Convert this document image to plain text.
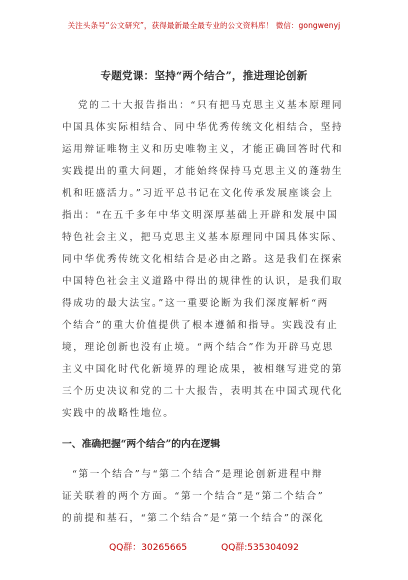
关注头条号“公文研究”，获得最新最全最专业的公文资料库！ 微信：gongwenyj
专题党课：坚持“两个结合”，推进理论创新
党的二十大报告指出：“只有把马克思主义基本原理同
中国具体实际相结合、同中华优秀传统文化相结合，坚持
运用辩证唯物主义和历史唯物主义，才能正确回答时代和
实践提出的重大问题，才能始终保持马克思主义的蓬勃生
机和旺盛活力。”习近平总书记在文化传承发展座谈会上
指出：“在五千多年中华文明深厚基础上开辟和发展中国
特色社会主义，把马克思主义基本原理同中国具体实际、
同中华优秀传统文化相结合是必由之路。这是我们在探索
中国特色社会主义道路中得出的规律性的认识，是我们取
得成功的最大法宝。”这一重要论断为我们深度解析“两
个结合”的重大价值提供了根本遵循和指导。实践没有止
境，理论创新也没有止境。“两个结合”作为开辟马克思
主义中国化时代化新境界的理论成果，被相继写进党的第
三个历史决议和党的二十大报告，表明其在中国式现代化
实践中的战略性地位。
一、准确把握“两个结合”的内在逻辑
“第一个结合”与“第二个结合”是理论创新进程中辩
证关联着的两个方面。“第一个结合”是“第二个结合”
的前提和基石，“第二个结合”是“第一个结合”的深化
QQ群：30265665	QQ群:535304092
